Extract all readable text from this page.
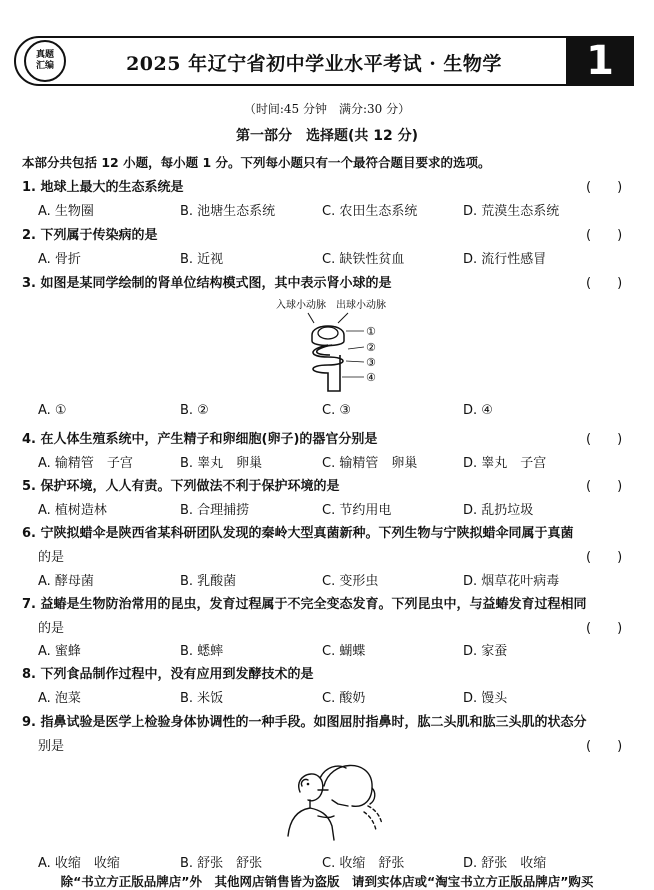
真题
汇编	2025 年辽宁省初中学业水平考试 · 生物学	1
（时间:45 分钟　满分:30 分）
第一部分　选择题(共 12 分)
本部分共包括 12 小题，每小题 1 分。下列每小题只有一个最符合题目要求的选项。
1. 地球上最大的生态系统是	(　　)
A. 生物圈	B. 池塘生态系统	C. 农田生态系统	D. 荒漠生态系统
2. 下列属于传染病的是	(　　)
A. 骨折	B. 近视	C. 缺铁性贫血	D. 流行性感冒
3. 如图是某同学绘制的肾单位结构模式图，其中表示肾小球的是	(　　)
入球小动脉 出球小动脉
①
②
③
④
A. ①	B. ②	C. ③	D. ④
4. 在人体生殖系统中，产生精子和卵细胞(卵子)的器官分别是	(　　)
A. 输精管　子宫	B. 睾丸　卵巢	C. 输精管　卵巢	D. 睾丸　子宫
5. 保护环境，人人有责。下列做法不利于保护环境的是	(　　)
A. 植树造林	B. 合理捕捞	C. 节约用电	D. 乱扔垃圾
6. 宁陕拟蜡伞是陕西省某科研团队发现的秦岭大型真菌新种。下列生物与宁陕拟蜡伞同属于真菌
的是	(　　)
A. 酵母菌	B. 乳酸菌	C. 变形虫	D. 烟草花叶病毒
7. 益蝽是生物防治常用的昆虫，发育过程属于不完全变态发育。下列昆虫中，与益蝽发育过程相同
的是	(　　)
A. 蜜蜂	B. 蟋蟀	C. 蝴蝶	D. 家蚕
8. 下列食品制作过程中，没有应用到发酵技术的是
A. 泡菜	B. 米饭	C. 酸奶	D. 馒头
9. 指鼻试验是医学上检验身体协调性的一种手段。如图屈肘指鼻时，肱二头肌和肱三头肌的状态分
别是	(　　)
A. 收缩　收缩	B. 舒张　舒张	C. 收缩　舒张	D. 舒张　收缩
除“书立方正版品牌店”外　其他网店销售皆为盗版　请到实体店或“淘宝书立方正版品牌店”购买
